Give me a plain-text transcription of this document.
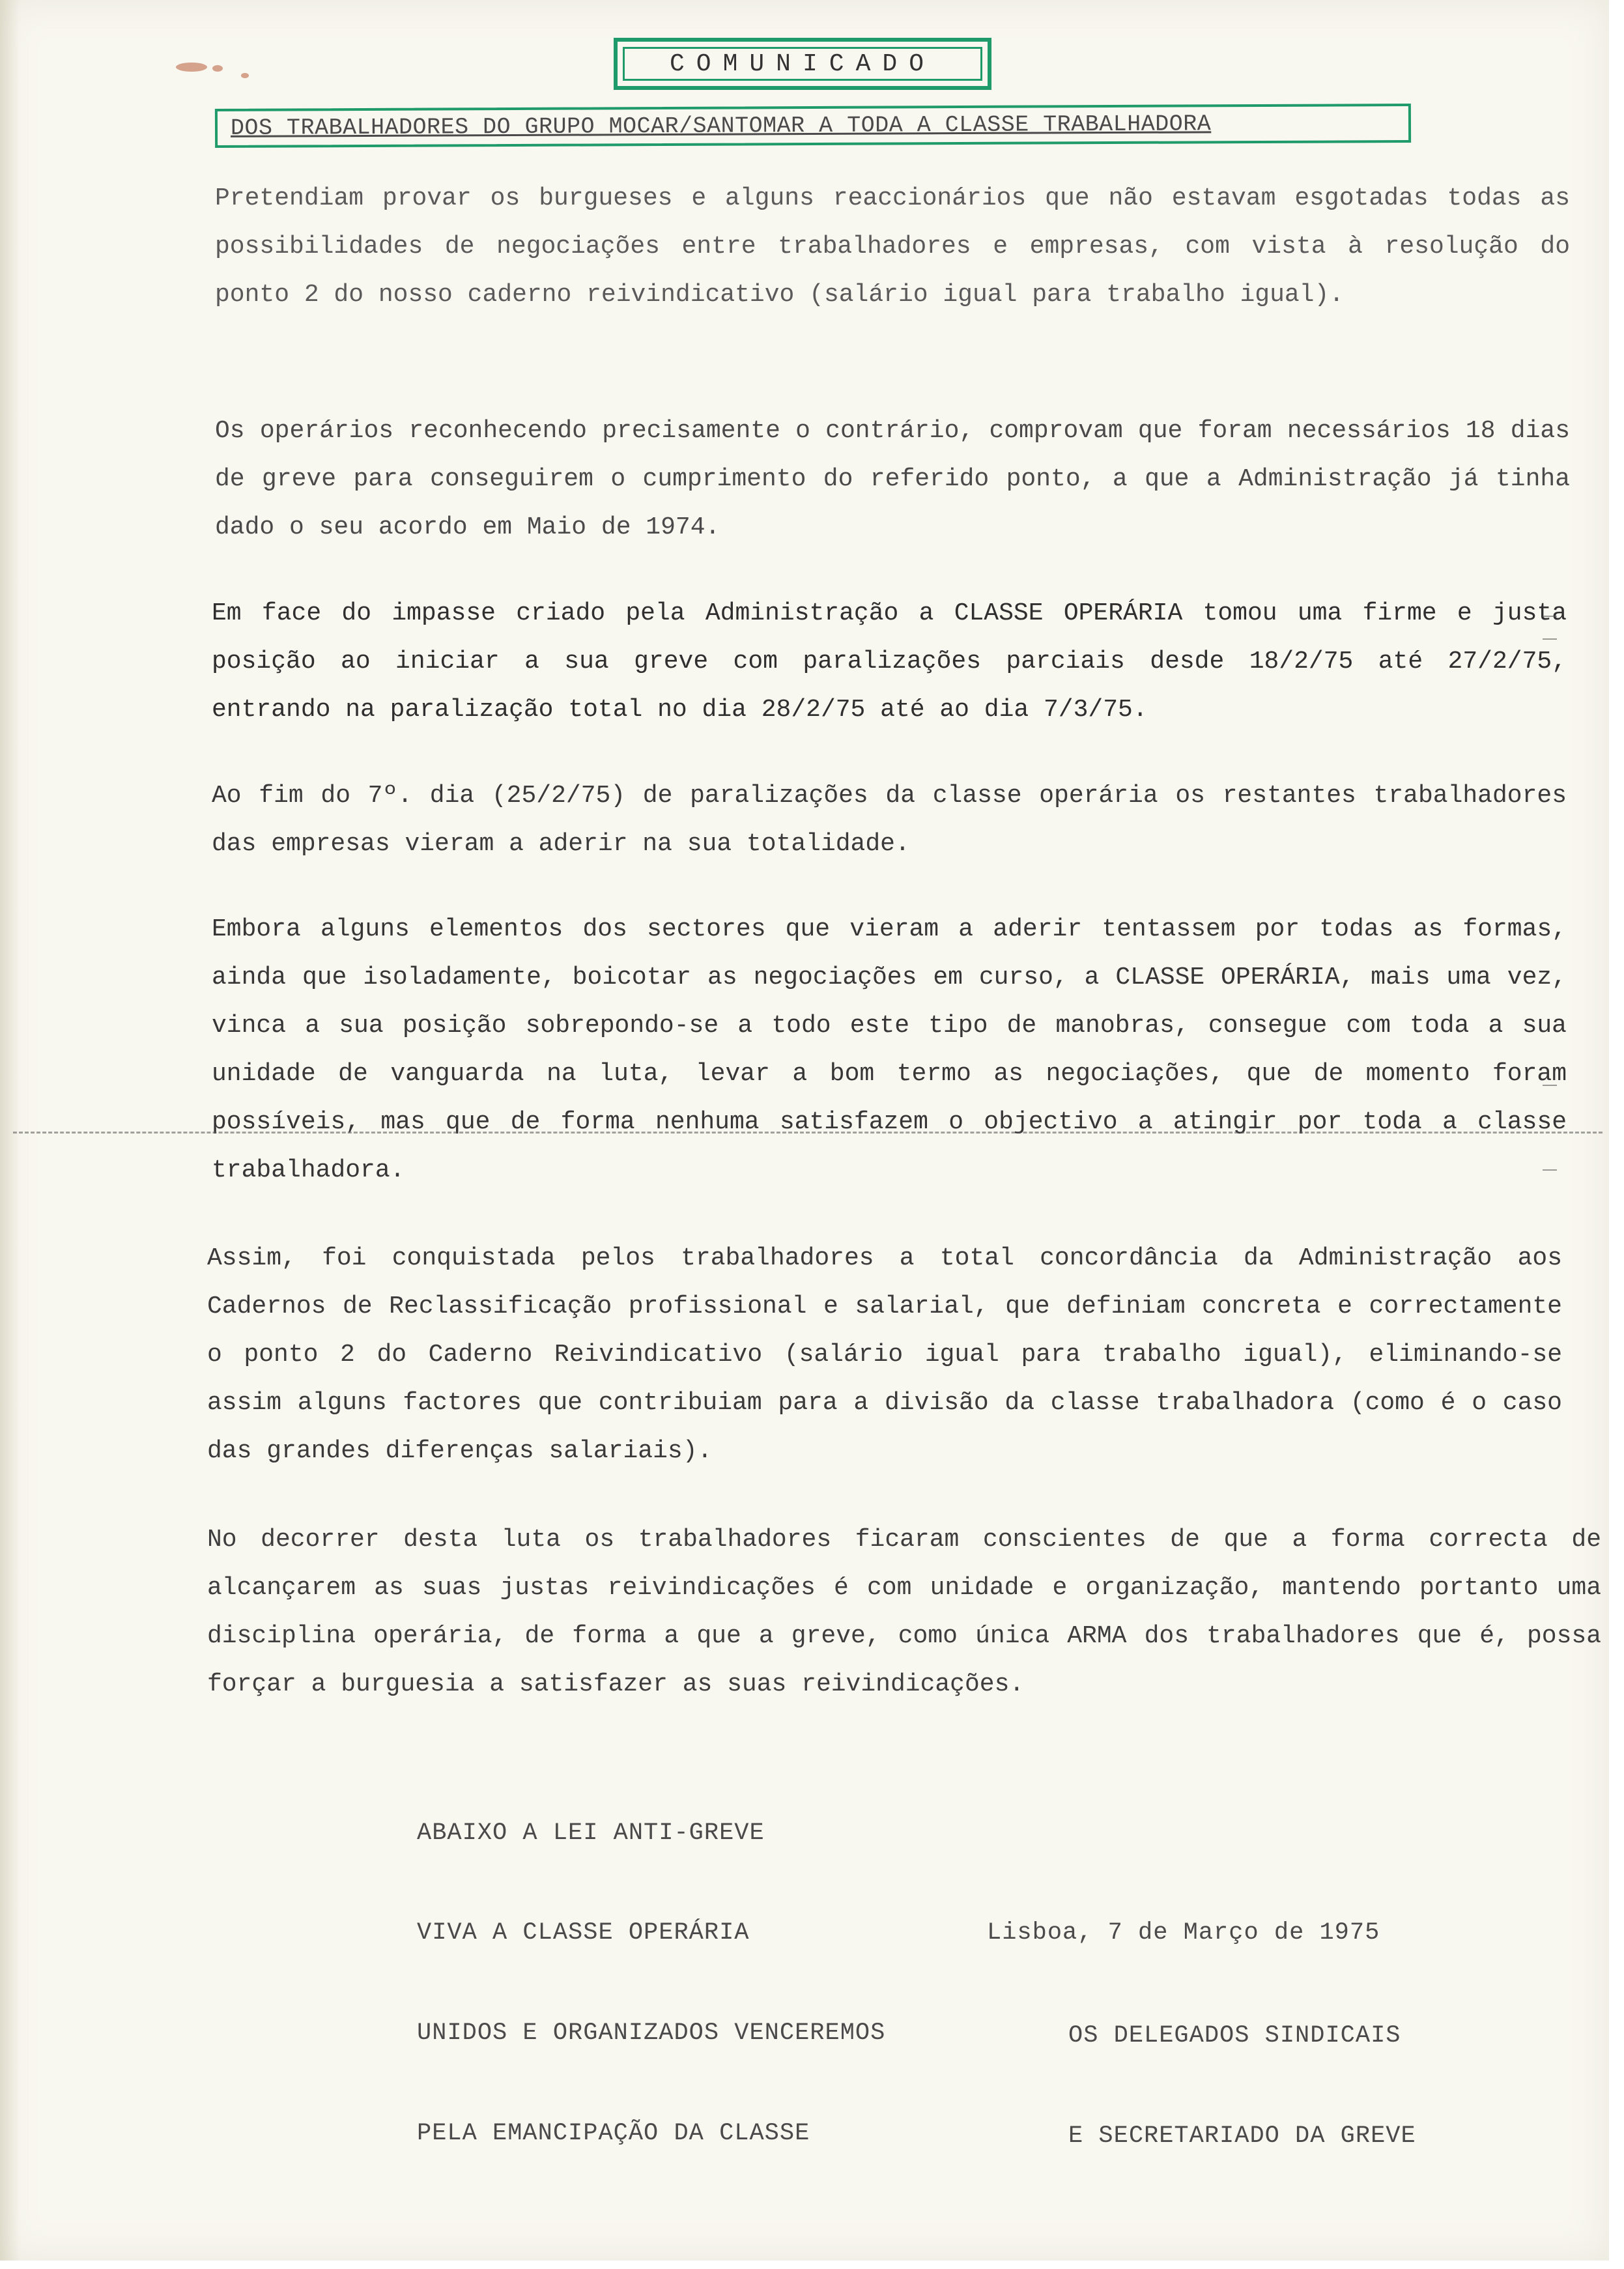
COMUNICADO
DOS TRABALHADORES DO GRUPO MOCAR/SANTOMAR A TODA A CLASSE TRABALHADORA

Pretendiam provar os burgueses e alguns reaccionários que não estavam esgotadas todas as possibilidades de negociações entre trabalhadores e empresas, com vista à resolução do ponto 2 do nosso caderno reivindicativo (salário igual para trabalho igual).

Os operários reconhecendo precisamente o contrário, comprovam que foram necessários 18 dias de greve para conseguirem o cumprimento do referido ponto, a que a Administração já tinha dado o seu acordo em Maio de 1974.

Em face do impasse criado pela Administração a CLASSE OPERÁRIA tomou uma firme e justa posição ao iniciar a sua greve com paralizações parciais desde 18/2/75 até 27/2/75, entrando na paralização total no dia 28/2/75 até ao dia 7/3/75.

Ao fim do 7º. dia (25/2/75) de paralizações da classe operária os restantes trabalhadores das empresas vieram a aderir na sua totalidade.

Embora alguns elementos dos sectores que vieram a aderir tentassem por todas as formas, ainda que isoladamente, boicotar as negociações em curso, a CLASSE OPERÁRIA, mais uma vez, vinca a sua posição sobrepondo-se a todo este tipo de manobras, consegue com toda a sua unidade de vanguarda na luta, levar a bom termo as negociações, que de momento foram possíveis, mas que de forma nenhuma satisfazem o objectivo a atingir por toda a classe trabalhadora.

Assim, foi conquistada pelos trabalhadores a total concordância da Administração aos Cadernos de Reclassificação profissional e salarial, que definiam concreta e correctamente o ponto 2 do Caderno Reivindicativo (salário igual para trabalho igual), eliminando-se assim alguns factores que contribuiam para a divisão da classe trabalhadora (como é o caso das grandes diferenças salariais).

No decorrer desta luta os trabalhadores ficaram conscientes de que a forma correcta de alcançarem as suas justas reivindicações é com unidade e organização, mantendo portanto uma disciplina operária, de forma a que a greve, como única ARMA dos trabalhadores que é, possa forçar a burguesia a satisfazer as suas reivindicações.

ABAIXO A LEI ANTI-GREVE
VIVA A CLASSE OPERÁRIA
UNIDOS E ORGANIZADOS VENCEREMOS
PELA EMANCIPAÇÃO DA CLASSE
Lisboa, 7 de Março de 1975
OS DELEGADOS SINDICAIS
E SECRETARIADO DA GREVE
